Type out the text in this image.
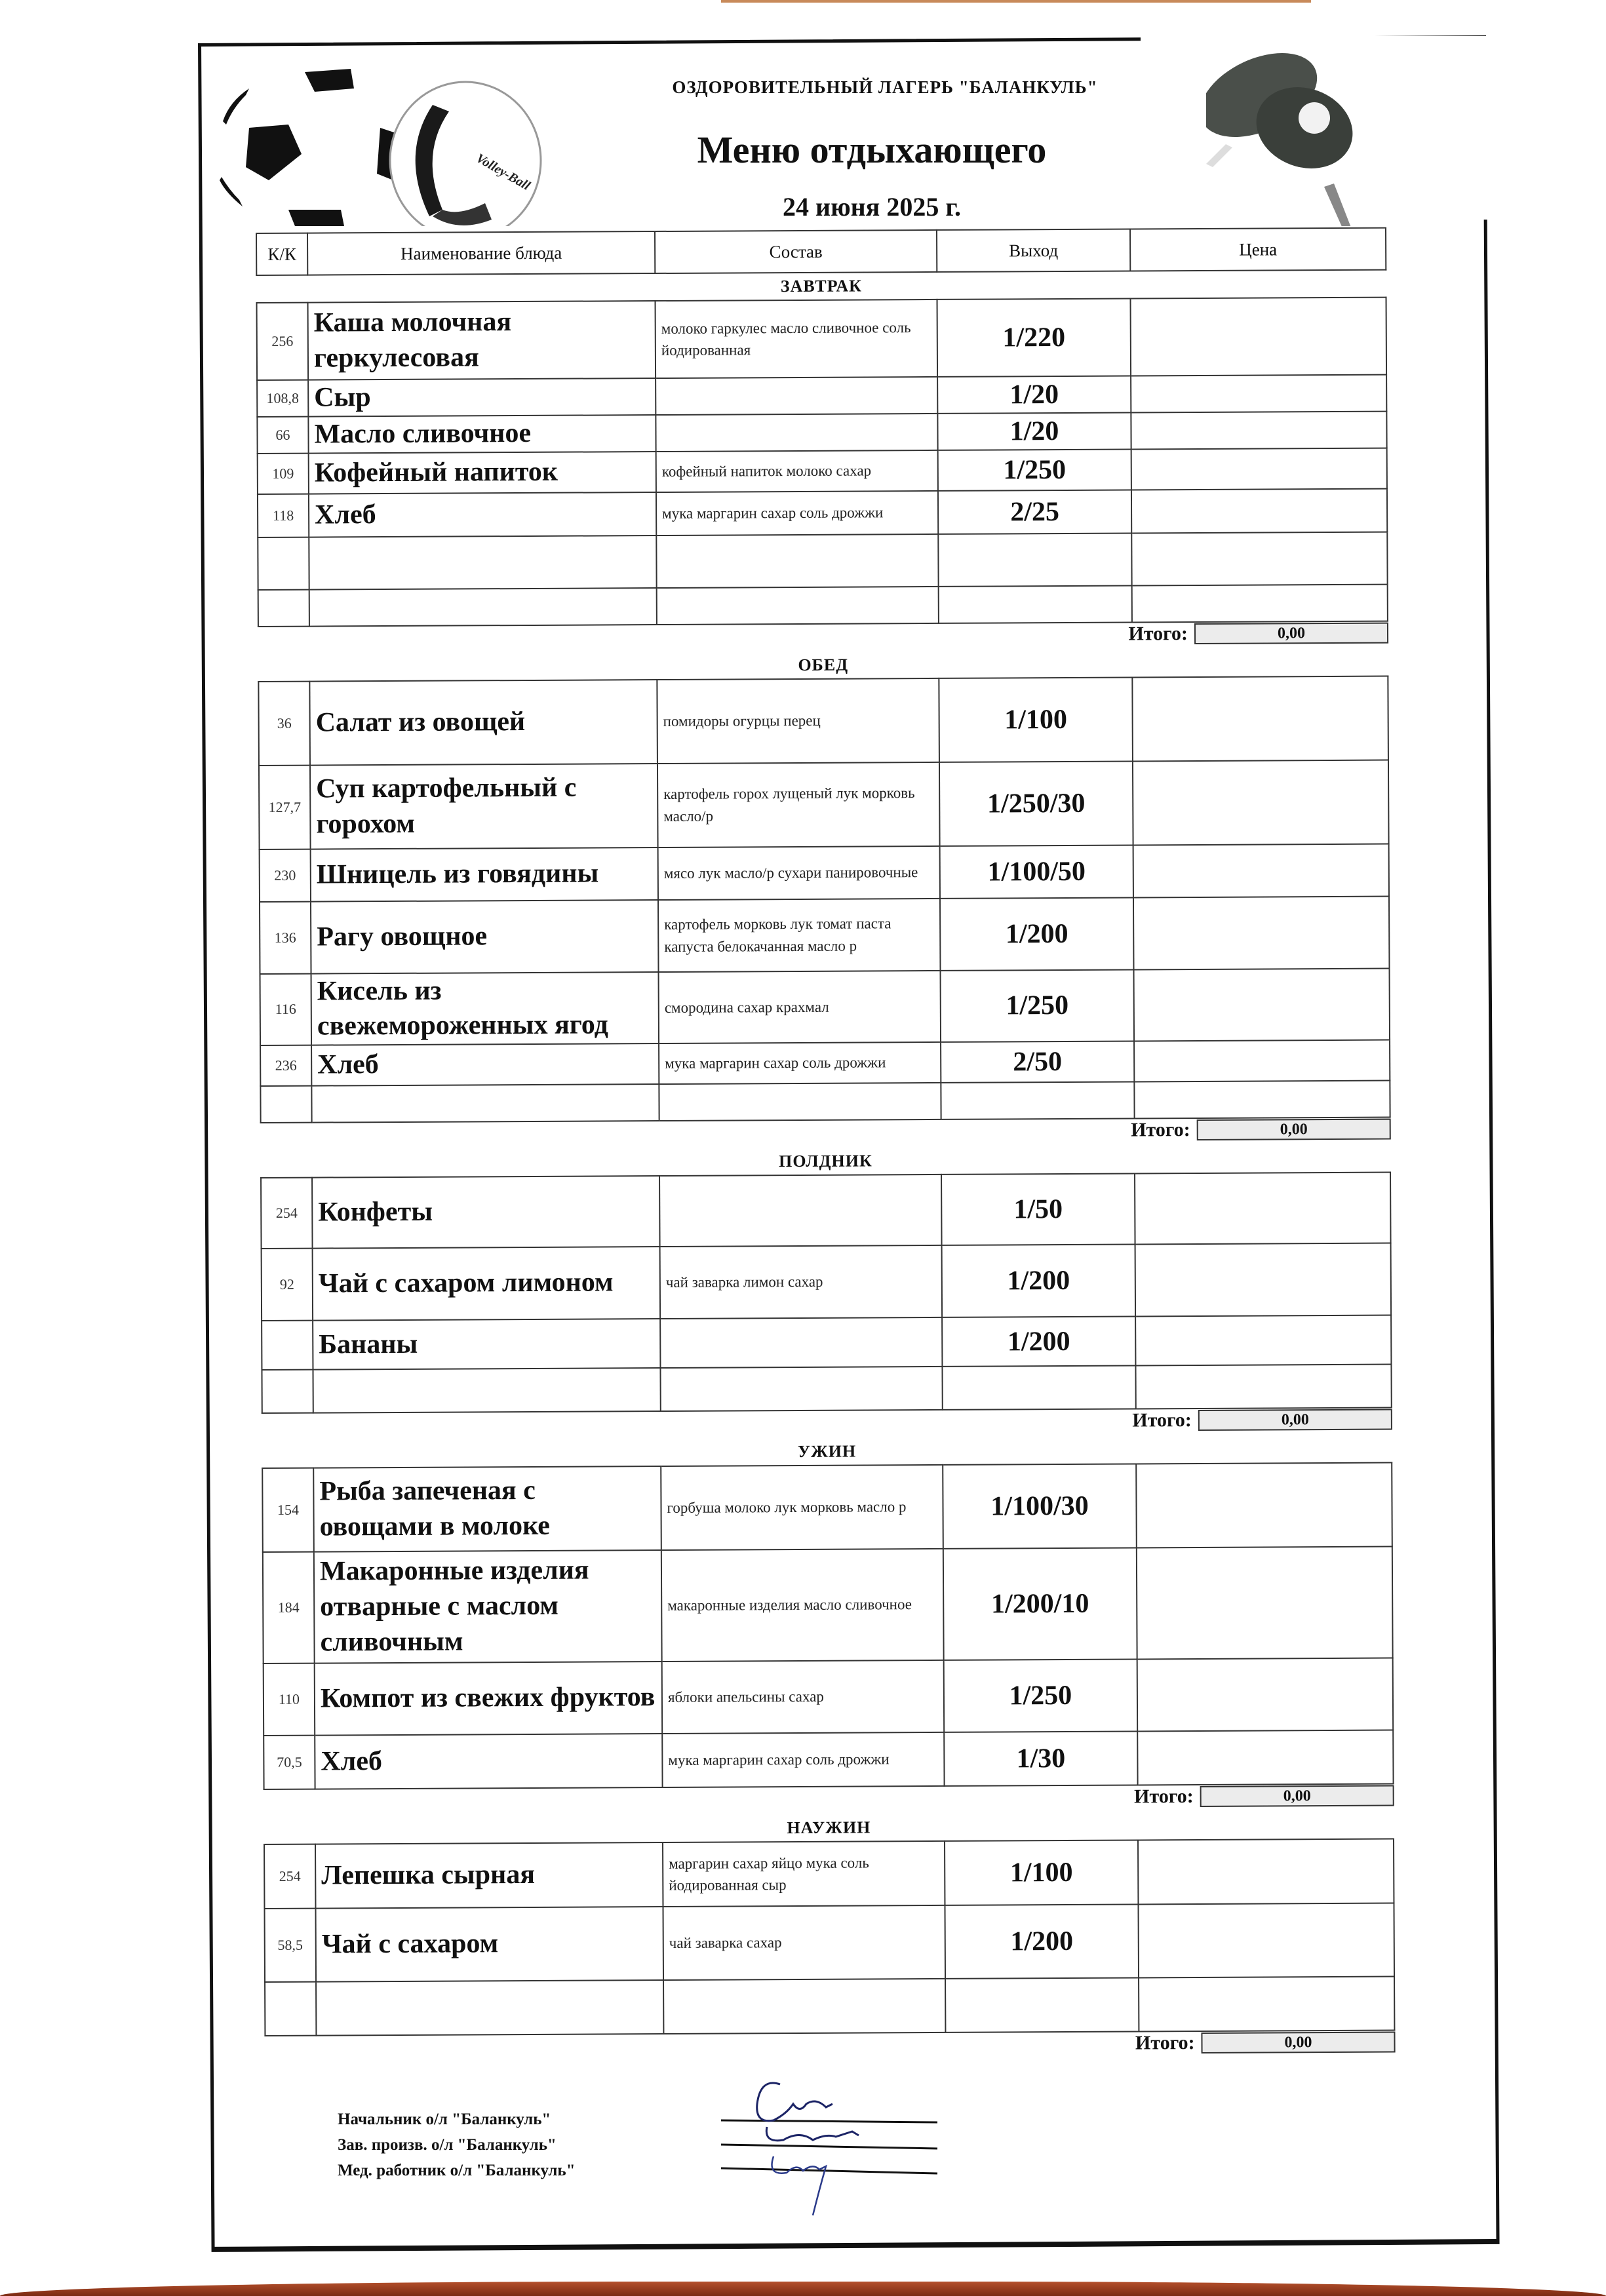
Volley-Ball
ОЗДОРОВИТЕЛЬНЫЙ ЛАГЕРЬ "БАЛАНКУЛЬ"
Меню отдыхающего
24 июня 2025 г.
К/К	Наименование блюда	Состав	Выход	Цена
ЗАВТРАК
256	Каша молочная геркулесовая	молоко гаркулес масло сливочное соль йодированная	1/220	
108,8	Сыр		1/20	
66	Масло сливочное		1/20	
109	Кофейный напиток	кофейный напиток молоко сахар	1/250	
118	Хлеб	мука маргарин сахар соль дрожжи	2/25	

Итого:	0,00
ОБЕД
36	Салат из овощей	помидоры огурцы перец	1/100	
127,7	Суп картофельный с горохом	картофель горох лущеный лук морковь масло/р	1/250/30	
230	Шницель из говядины	мясо лук масло/р сухари панировочные	1/100/50	
136	Рагу овощное	картофель морковь лук томат паста капуста белокачанная масло р	1/200	
116	Кисель из свежемороженных ягод	смородина сахар крахмал	1/250	
236	Хлеб	мука маргарин сахар соль дрожжи	2/50	

Итого:	0,00
ПОЛДНИК
254	Конфеты		1/50	
92	Чай с сахаром лимоном	чай заварка лимон сахар	1/200	
	Бананы		1/200	

Итого:	0,00
УЖИН
154	Рыба запеченая с овощами в молоке	горбуша молоко лук морковь масло р	1/100/30	
184	Макаронные изделия отварные с маслом сливочным	макаронные изделия масло сливочное	1/200/10	
110	Компот из свежих фруктов	яблоки апельсины сахар	1/250	
70,5	Хлеб	мука маргарин сахар соль дрожжи	1/30	
Итого:	0,00
НАУЖИН
254	Лепешка сырная	маргарин сахар яйцо мука соль йодированная сыр	1/100	
58,5	Чай с сахаром	чай заварка сахар	1/200	

Итого:	0,00
Начальник о/л "Баланкуль"
Зав. произв. о/л "Баланкуль"
Мед. работник о/л "Баланкуль"
